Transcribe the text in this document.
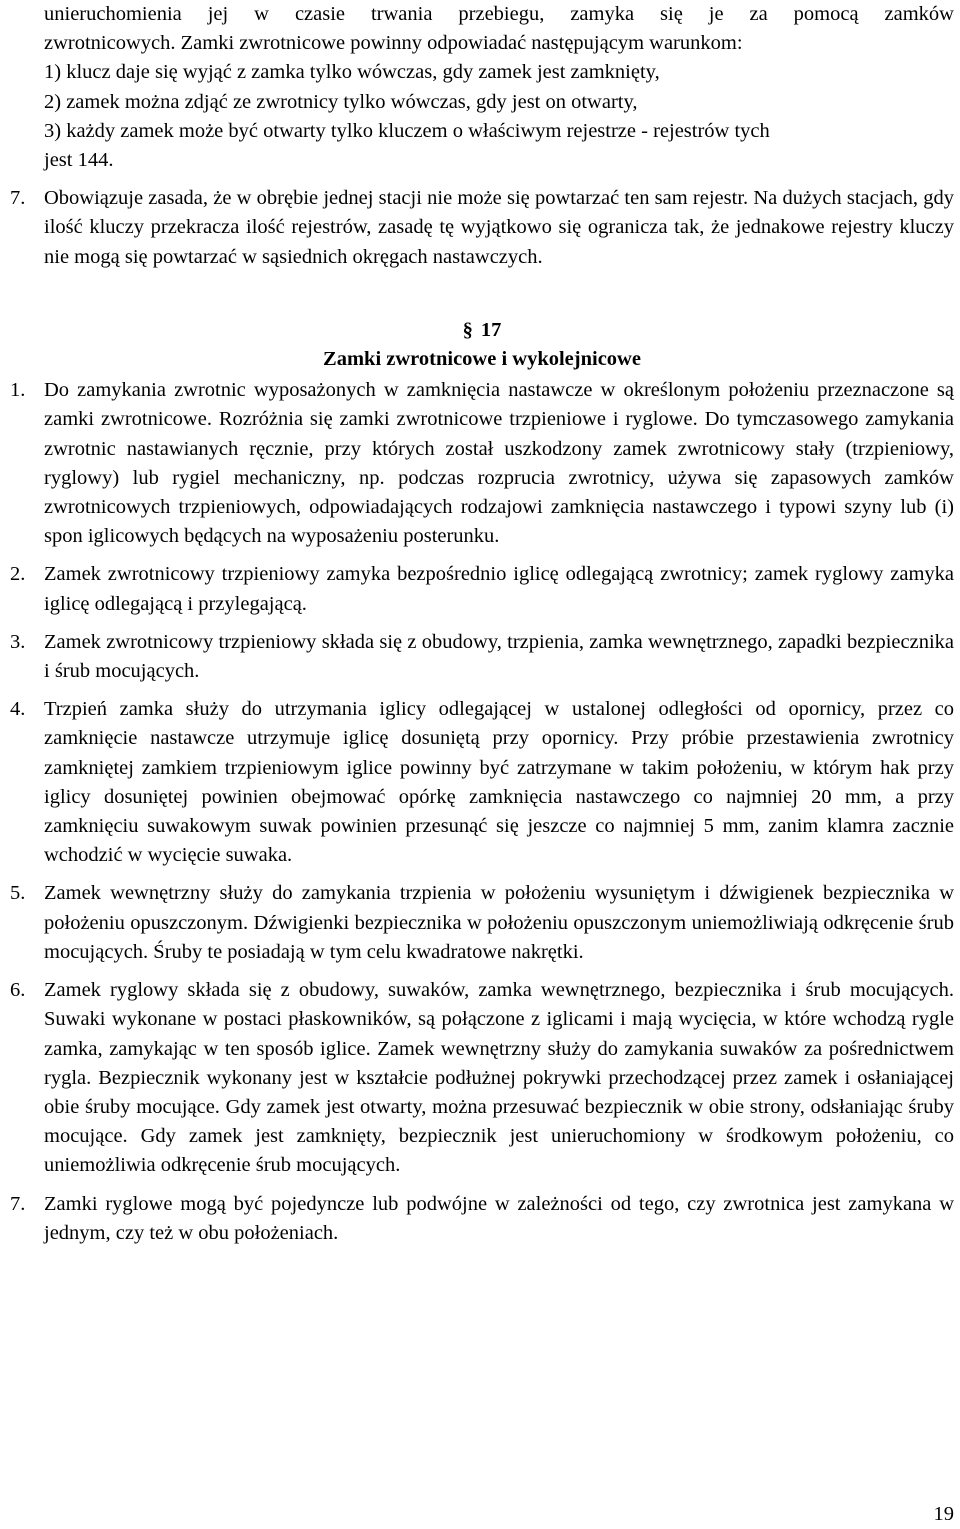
unieruchomienia jej w czasie trwania przebiegu, zamyka się je za pomocą zamków

zwrotnicowych. Zamki zwrotnicowe powinny odpowiadać następującym warunkom:

1) klucz daje się wyjąć z zamka tylko wówczas, gdy zamek jest zamknięty,

2) zamek można zdjąć ze zwrotnicy tylko wówczas, gdy jest on otwarty,

3) każdy zamek może być otwarty tylko kluczem o właściwym rejestrze - rejestrów tych

jest 144.

7. Obowiązuje zasada, że w obrębie jednej stacji nie może się powtarzać ten sam rejestr. Na dużych stacjach, gdy ilość kluczy przekracza ilość rejestrów, zasadę tę wyjątkowo się ogranicza tak, że jednakowe rejestry kluczy nie mogą się powtarzać w sąsiednich okręgach nastawczych.

§ 17

Zamki zwrotnicowe i wykolejnicowe

1. Do zamykania zwrotnic wyposażonych w zamknięcia nastawcze w określonym położeniu przeznaczone są zamki zwrotnicowe. Rozróżnia się zamki zwrotnicowe trzpieniowe i ryglowe. Do tymczasowego zamykania zwrotnic nastawianych ręcznie, przy których został uszkodzony zamek zwrotnicowy stały (trzpieniowy, ryglowy) lub rygiel mechaniczny, np. podczas rozprucia zwrotnicy, używa się zapasowych zamków zwrotnicowych trzpieniowych, odpowiadających rodzajowi zamknięcia nastawczego i typowi szyny lub (i) spon iglicowych będących na wyposażeniu posterunku.

2. Zamek zwrotnicowy trzpieniowy zamyka bezpośrednio iglicę odlegającą zwrotnicy; zamek ryglowy zamyka iglicę odlegającą i przylegającą.

3. Zamek zwrotnicowy trzpieniowy składa się z obudowy, trzpienia, zamka wewnętrznego, zapadki bezpiecznika i śrub mocujących.

4. Trzpień zamka służy do utrzymania iglicy odlegającej w ustalonej odległości od opornicy, przez co zamknięcie nastawcze utrzymuje iglicę dosuniętą przy opornicy. Przy próbie przestawienia zwrotnicy zamkniętej zamkiem trzpieniowym iglice powinny być zatrzymane w takim położeniu, w którym hak przy iglicy dosuniętej powinien obejmować opórkę zamknięcia nastawczego co najmniej 20 mm, a przy zamknięciu suwakowym suwak powinien przesunąć się jeszcze co najmniej 5 mm, zanim klamra zacznie wchodzić w wycięcie suwaka.

5. Zamek wewnętrzny służy do zamykania trzpienia w położeniu wysuniętym i dźwigienek bezpiecznika w położeniu opuszczonym. Dźwigienki bezpiecznika w położeniu opuszczonym uniemożliwiają odkręcenie śrub mocujących. Śruby te posiadają w tym celu kwadratowe nakrętki.

6. Zamek ryglowy składa się z obudowy, suwaków, zamka wewnętrznego, bezpiecznika i śrub mocujących. Suwaki wykonane w postaci płaskowników, są połączone z iglicami i mają wycięcia, w które wchodzą rygle zamka, zamykając w ten sposób iglice. Zamek wewnętrzny służy do zamykania suwaków za pośrednictwem rygla. Bezpiecznik wykonany jest w kształcie podłużnej pokrywki przechodzącej przez zamek i osłaniającej obie śruby mocujące. Gdy zamek jest otwarty, można przesuwać bezpiecznik w obie strony, odsłaniając śruby mocujące. Gdy zamek jest zamknięty, bezpiecznik jest unieruchomiony w środkowym położeniu, co uniemożliwia odkręcenie śrub mocujących.

7. Zamki ryglowe mogą być pojedyncze lub podwójne w zależności od tego, czy zwrotnica jest zamykana w jednym, czy też w obu położeniach.

19
